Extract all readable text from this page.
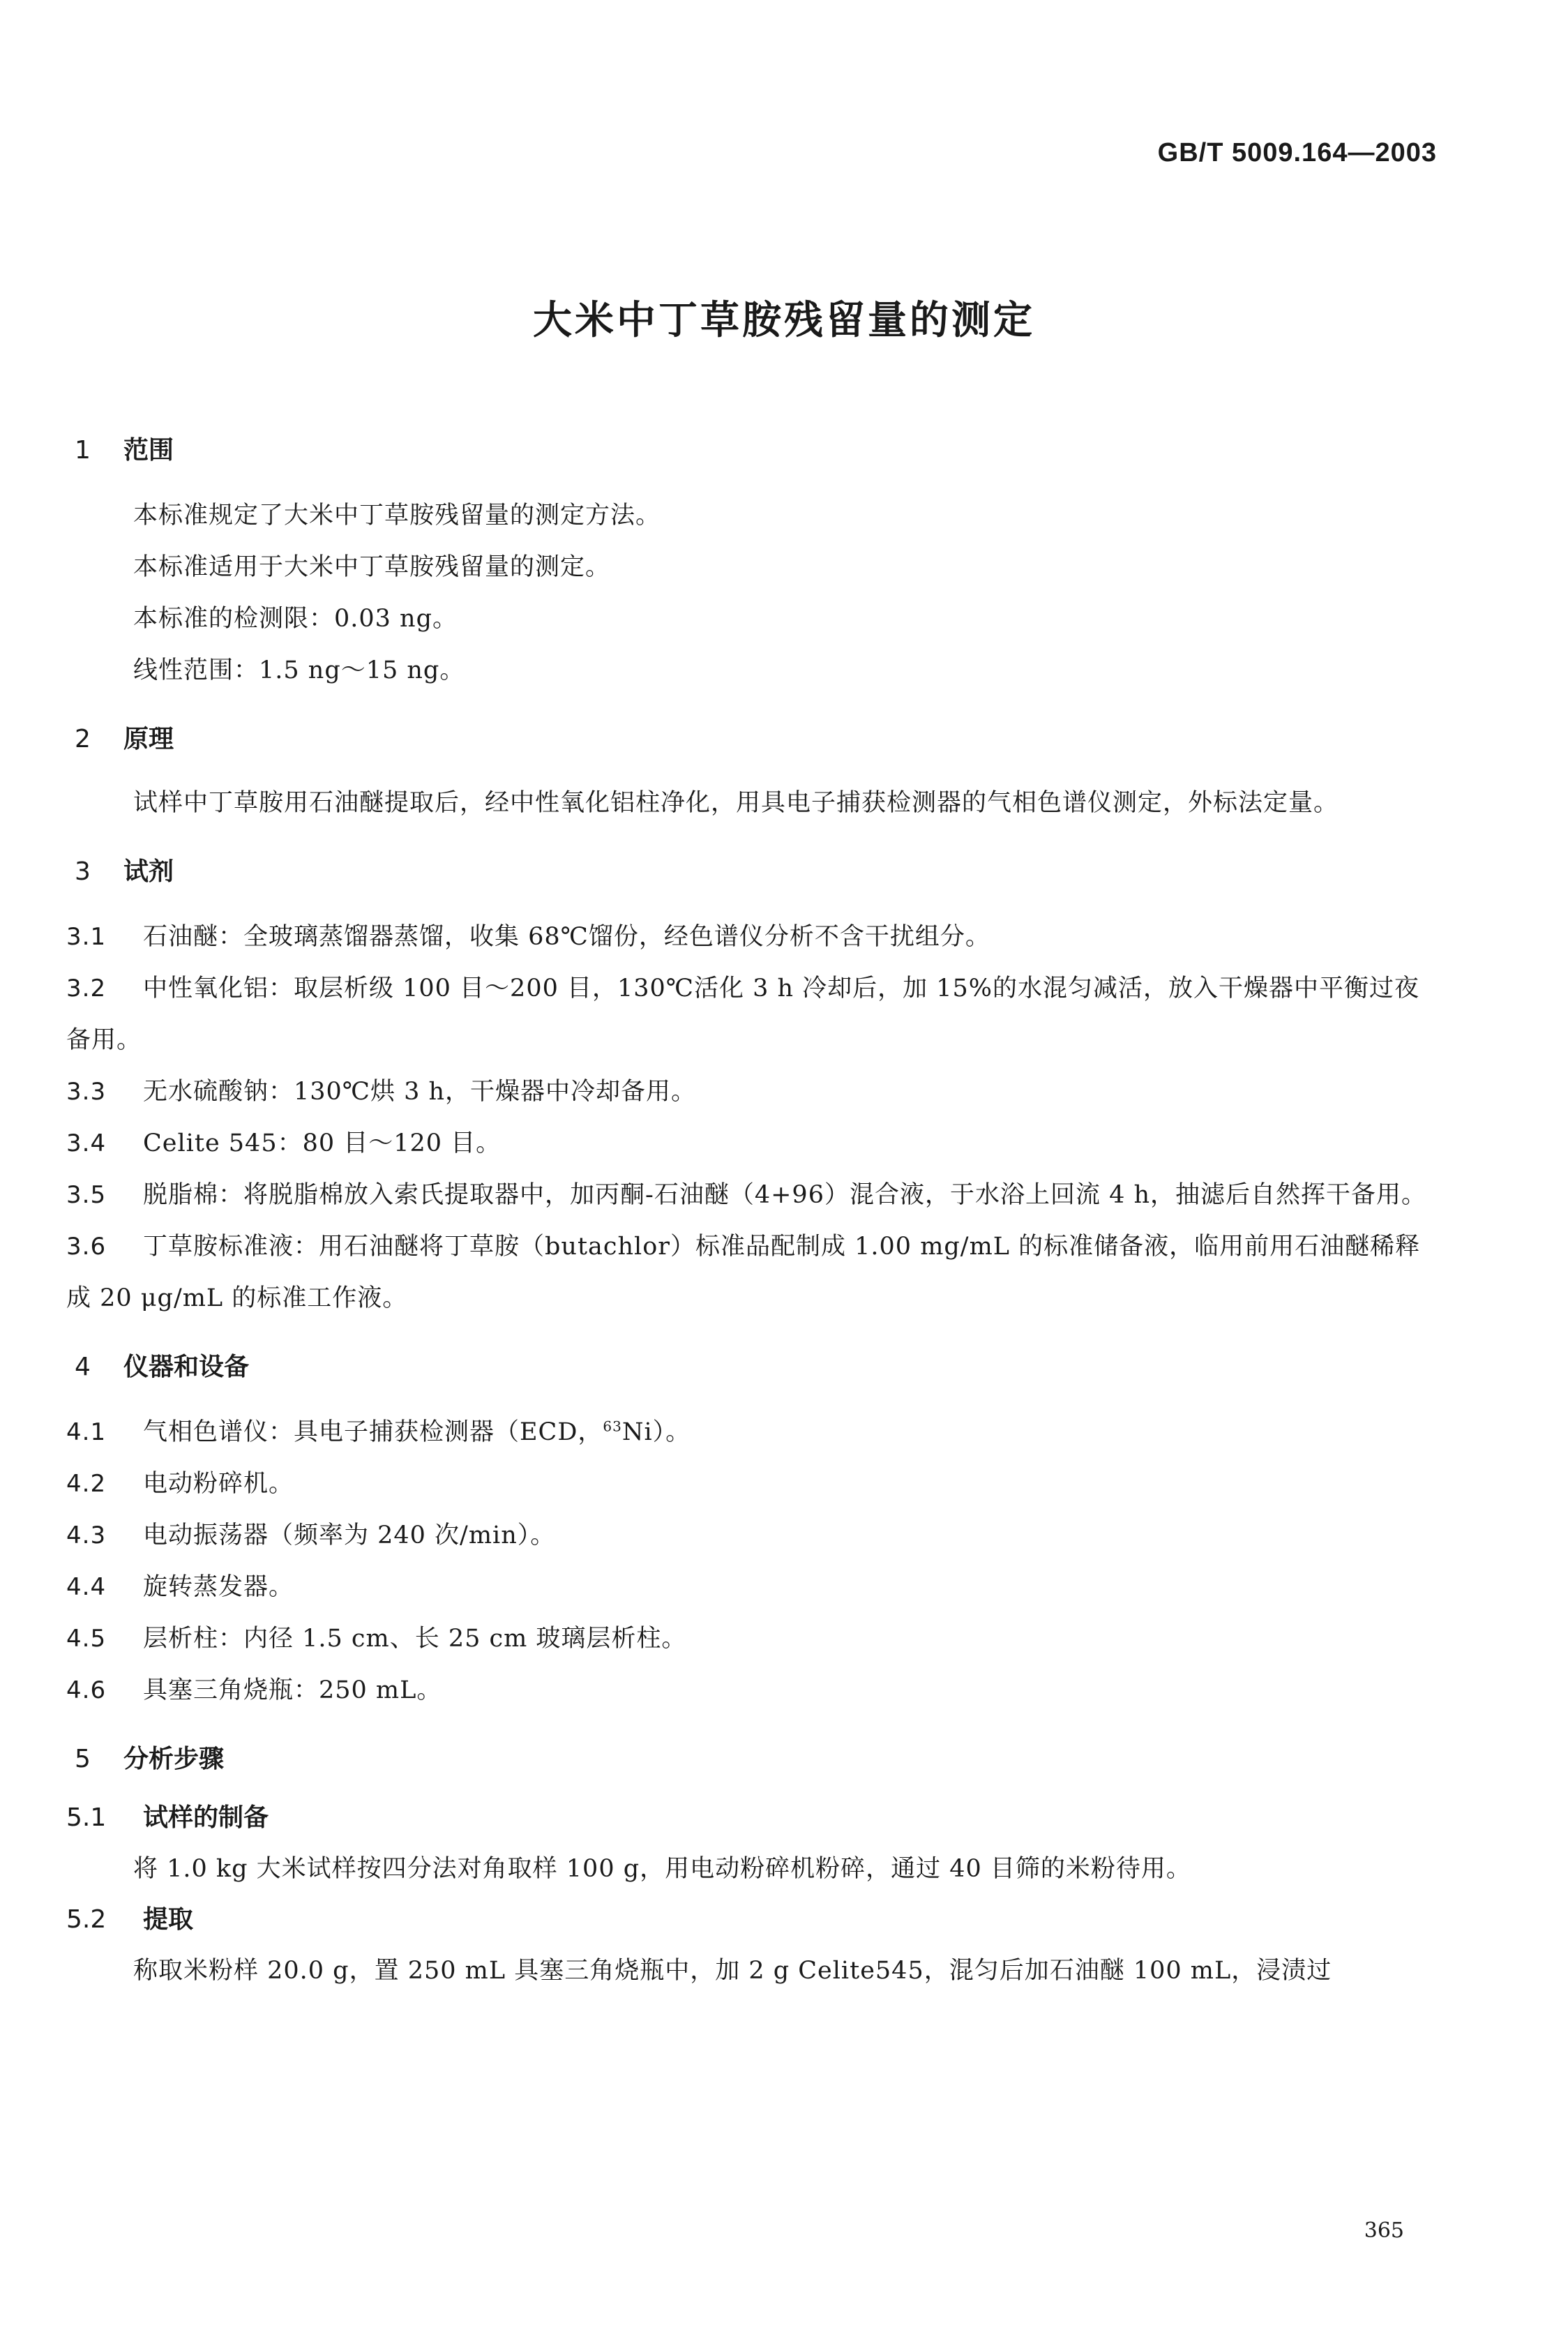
GB/T 5009.164—2003
大米中丁草胺残留量的测定
1 范围
本标准规定了大米中丁草胺残留量的测定方法。
本标准适用于大米中丁草胺残留量的测定。
本标准的检测限：0.03 ng。
线性范围：1.5 ng～15 ng。
2 原理
试样中丁草胺用石油醚提取后，经中性氧化铝柱净化，用具电子捕获检测器的气相色谱仪测定，外标法定量。
3 试剂
3.1 石油醚：全玻璃蒸馏器蒸馏，收集 68℃馏份，经色谱仪分析不含干扰组分。
3.2 中性氧化铝：取层析级 100 目～200 目，130℃活化 3 h 冷却后，加 15%的水混匀减活，放入干燥器中平衡过夜备用。
3.3 无水硫酸钠：130℃烘 3 h，干燥器中冷却备用。
3.4 Celite 545：80 目～120 目。
3.5 脱脂棉：将脱脂棉放入索氏提取器中，加丙酮-石油醚（4+96）混合液，于水浴上回流 4 h，抽滤后自然挥干备用。
3.6 丁草胺标准液：用石油醚将丁草胺（butachlor）标准品配制成 1.00 mg/mL 的标准储备液，临用前用石油醚稀释成 20 μg/mL 的标准工作液。
4 仪器和设备
4.1 气相色谱仪：具电子捕获检测器（ECD，$^{63}$Ni）。
4.2 电动粉碎机。
4.3 电动振荡器（频率为 240 次/min）。
4.4 旋转蒸发器。
4.5 层析柱：内径 1.5 cm、长 25 cm 玻璃层析柱。
4.6 具塞三角烧瓶：250 mL。
5 分析步骤
5.1 试样的制备
将 1.0 kg 大米试样按四分法对角取样 100 g，用电动粉碎机粉碎，通过 40 目筛的米粉待用。
5.2 提取
称取米粉样 20.0 g，置 250 mL 具塞三角烧瓶中，加 2 g Celite545，混匀后加石油醚 100 mL，浸渍过
365
